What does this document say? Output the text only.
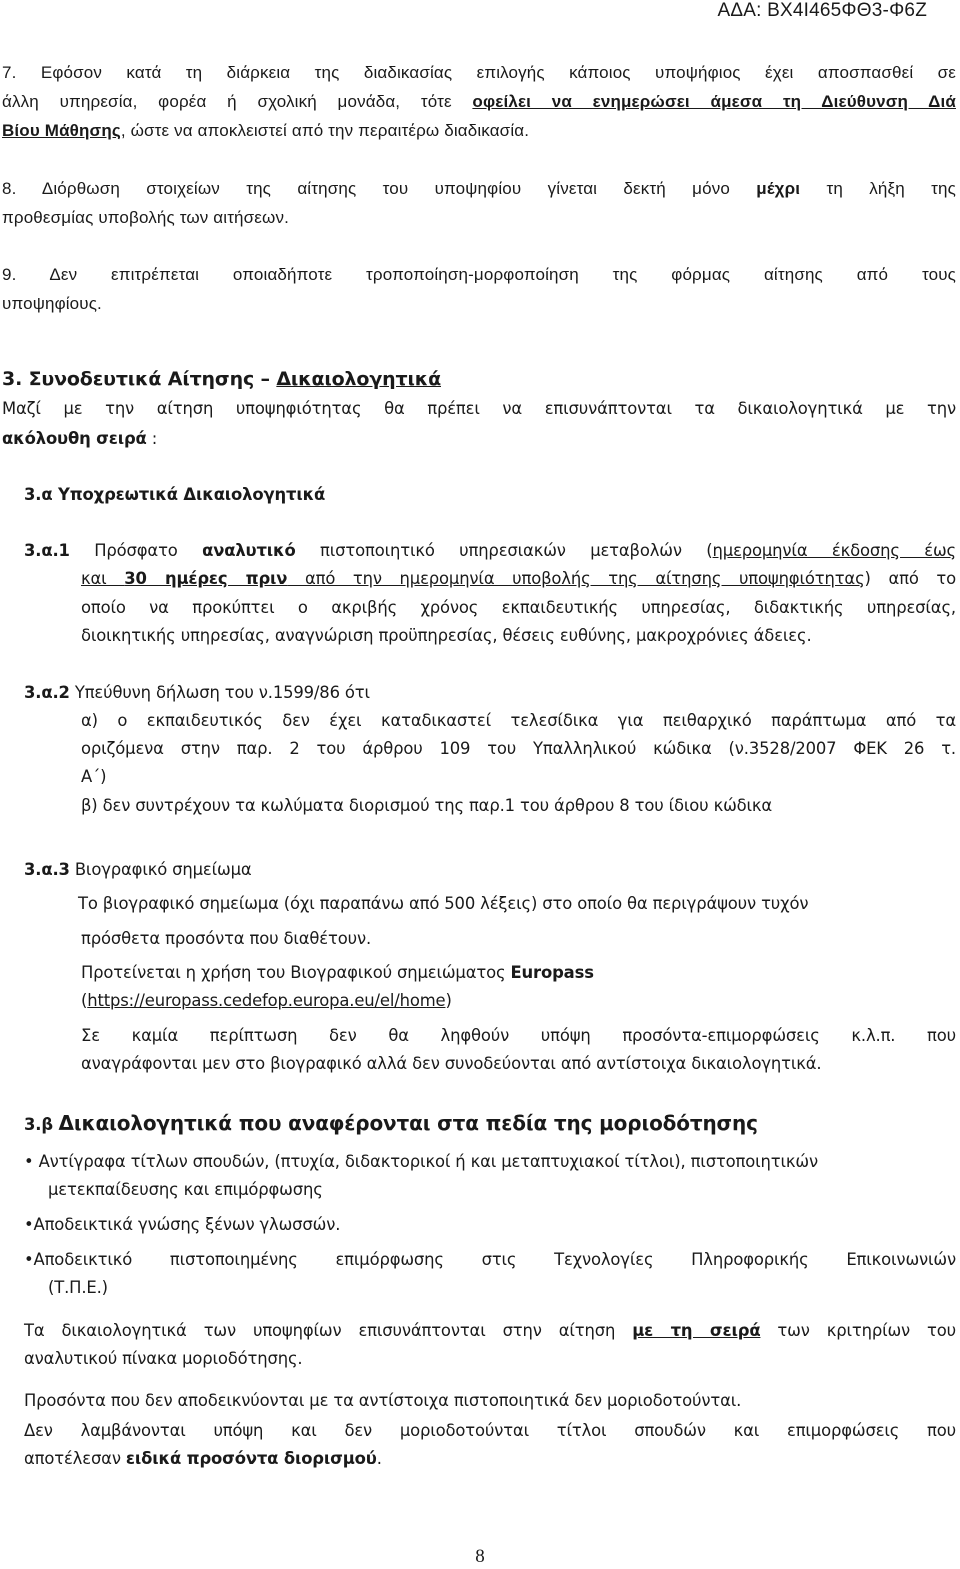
ΑΔΑ: ΒΧ4Ι465ΦΘ3-Φ6Ζ
7. Εφόσον κατά τη διάρκεια της διαδικασίας επιλογής κάποιος υποψήφιος έχει αποσπασθεί σε
άλλη υπηρεσία, φορέα ή σχολική μονάδα, τότε οφείλει να ενημερώσει άμεσα τη Διεύθυνση Διά
Βίου Μάθησης, ώστε να αποκλειστεί από την περαιτέρω διαδικασία.
8. Διόρθωση στοιχείων της αίτησης του υποψηφίου γίνεται δεκτή μόνο μέχρι τη λήξη της
προθεσμίας υποβολής των αιτήσεων.
9. Δεν επιτρέπεται οποιαδήποτε τροποποίηση-μορφοποίηση της φόρμας αίτησης από τους
υποψηφίους.
3. Συνοδευτικά Αίτησης – Δικαιολογητικά
Μαζί με την αίτηση υποψηφιότητας θα πρέπει να επισυνάπτονται τα δικαιολογητικά με την
ακόλουθη σειρά :
3.α Υποχρεωτικά Δικαιολογητικά
3.α.1 Πρόσφατο αναλυτικό πιστοποιητικό υπηρεσιακών μεταβολών (ημερομηνία έκδοσης έως
και 30 ημέρες πριν από την ημερομηνία υποβολής της αίτησης υποψηφιότητας) από το
οποίο να προκύπτει ο ακριβής χρόνος εκπαιδευτικής υπηρεσίας, διδακτικής υπηρεσίας,
διοικητικής υπηρεσίας, αναγνώριση προϋπηρεσίας, θέσεις ευθύνης, μακροχρόνιες άδειες.
3.α.2 Υπεύθυνη δήλωση του ν.1599/86 ότι
α) ο εκπαιδευτικός δεν έχει καταδικαστεί τελεσίδικα για πειθαρχικό παράπτωμα από τα
οριζόμενα στην παρ. 2 του άρθρου 109 του Υπαλληλικού κώδικα (ν.3528/2007 ΦΕΚ 26 τ.
Α΄)
β) δεν συντρέχουν τα κωλύματα διορισμού της παρ.1 του άρθρου 8 του ίδιου κώδικα
3.α.3 Βιογραφικό σημείωμα
Το βιογραφικό σημείωμα (όχι παραπάνω από 500 λέξεις) στο οποίο θα περιγράψουν τυχόν
πρόσθετα προσόντα που διαθέτουν.
Προτείνεται η χρήση του Βιογραφικού σημειώματος Europass
(https://europass.cedefop.europa.eu/el/home)
Σε καμία περίπτωση δεν θα ληφθούν υπόψη προσόντα-επιμορφώσεις κ.λ.π. που
αναγράφονται μεν στο βιογραφικό αλλά δεν συνοδεύονται από αντίστοιχα δικαιολογητικά.
3.β Δικαιολογητικά που αναφέρονται στα πεδία της μοριοδότησης
• Αντίγραφα τίτλων σπουδών, (πτυχία, διδακτορικοί ή και μεταπτυχιακοί τίτλοι), πιστοποιητικών
μετεκπαίδευσης και επιμόρφωσης
•Αποδεικτικά γνώσης ξένων γλωσσών.
•Αποδεικτικό πιστοποιημένης επιμόρφωσης στις Τεχνολογίες Πληροφορικής Επικοινωνιών
(Τ.Π.Ε.)
Τα δικαιολογητικά των υποψηφίων επισυνάπτονται στην αίτηση με τη σειρά των κριτηρίων του
αναλυτικού πίνακα μοριοδότησης.
Προσόντα που δεν αποδεικνύονται με τα αντίστοιχα πιστοποιητικά δεν μοριοδοτούνται.
Δεν λαμβάνονται υπόψη και δεν μοριοδοτούνται τίτλοι σπουδών και επιμορφώσεις που
αποτέλεσαν ειδικά προσόντα διορισμού.
8
